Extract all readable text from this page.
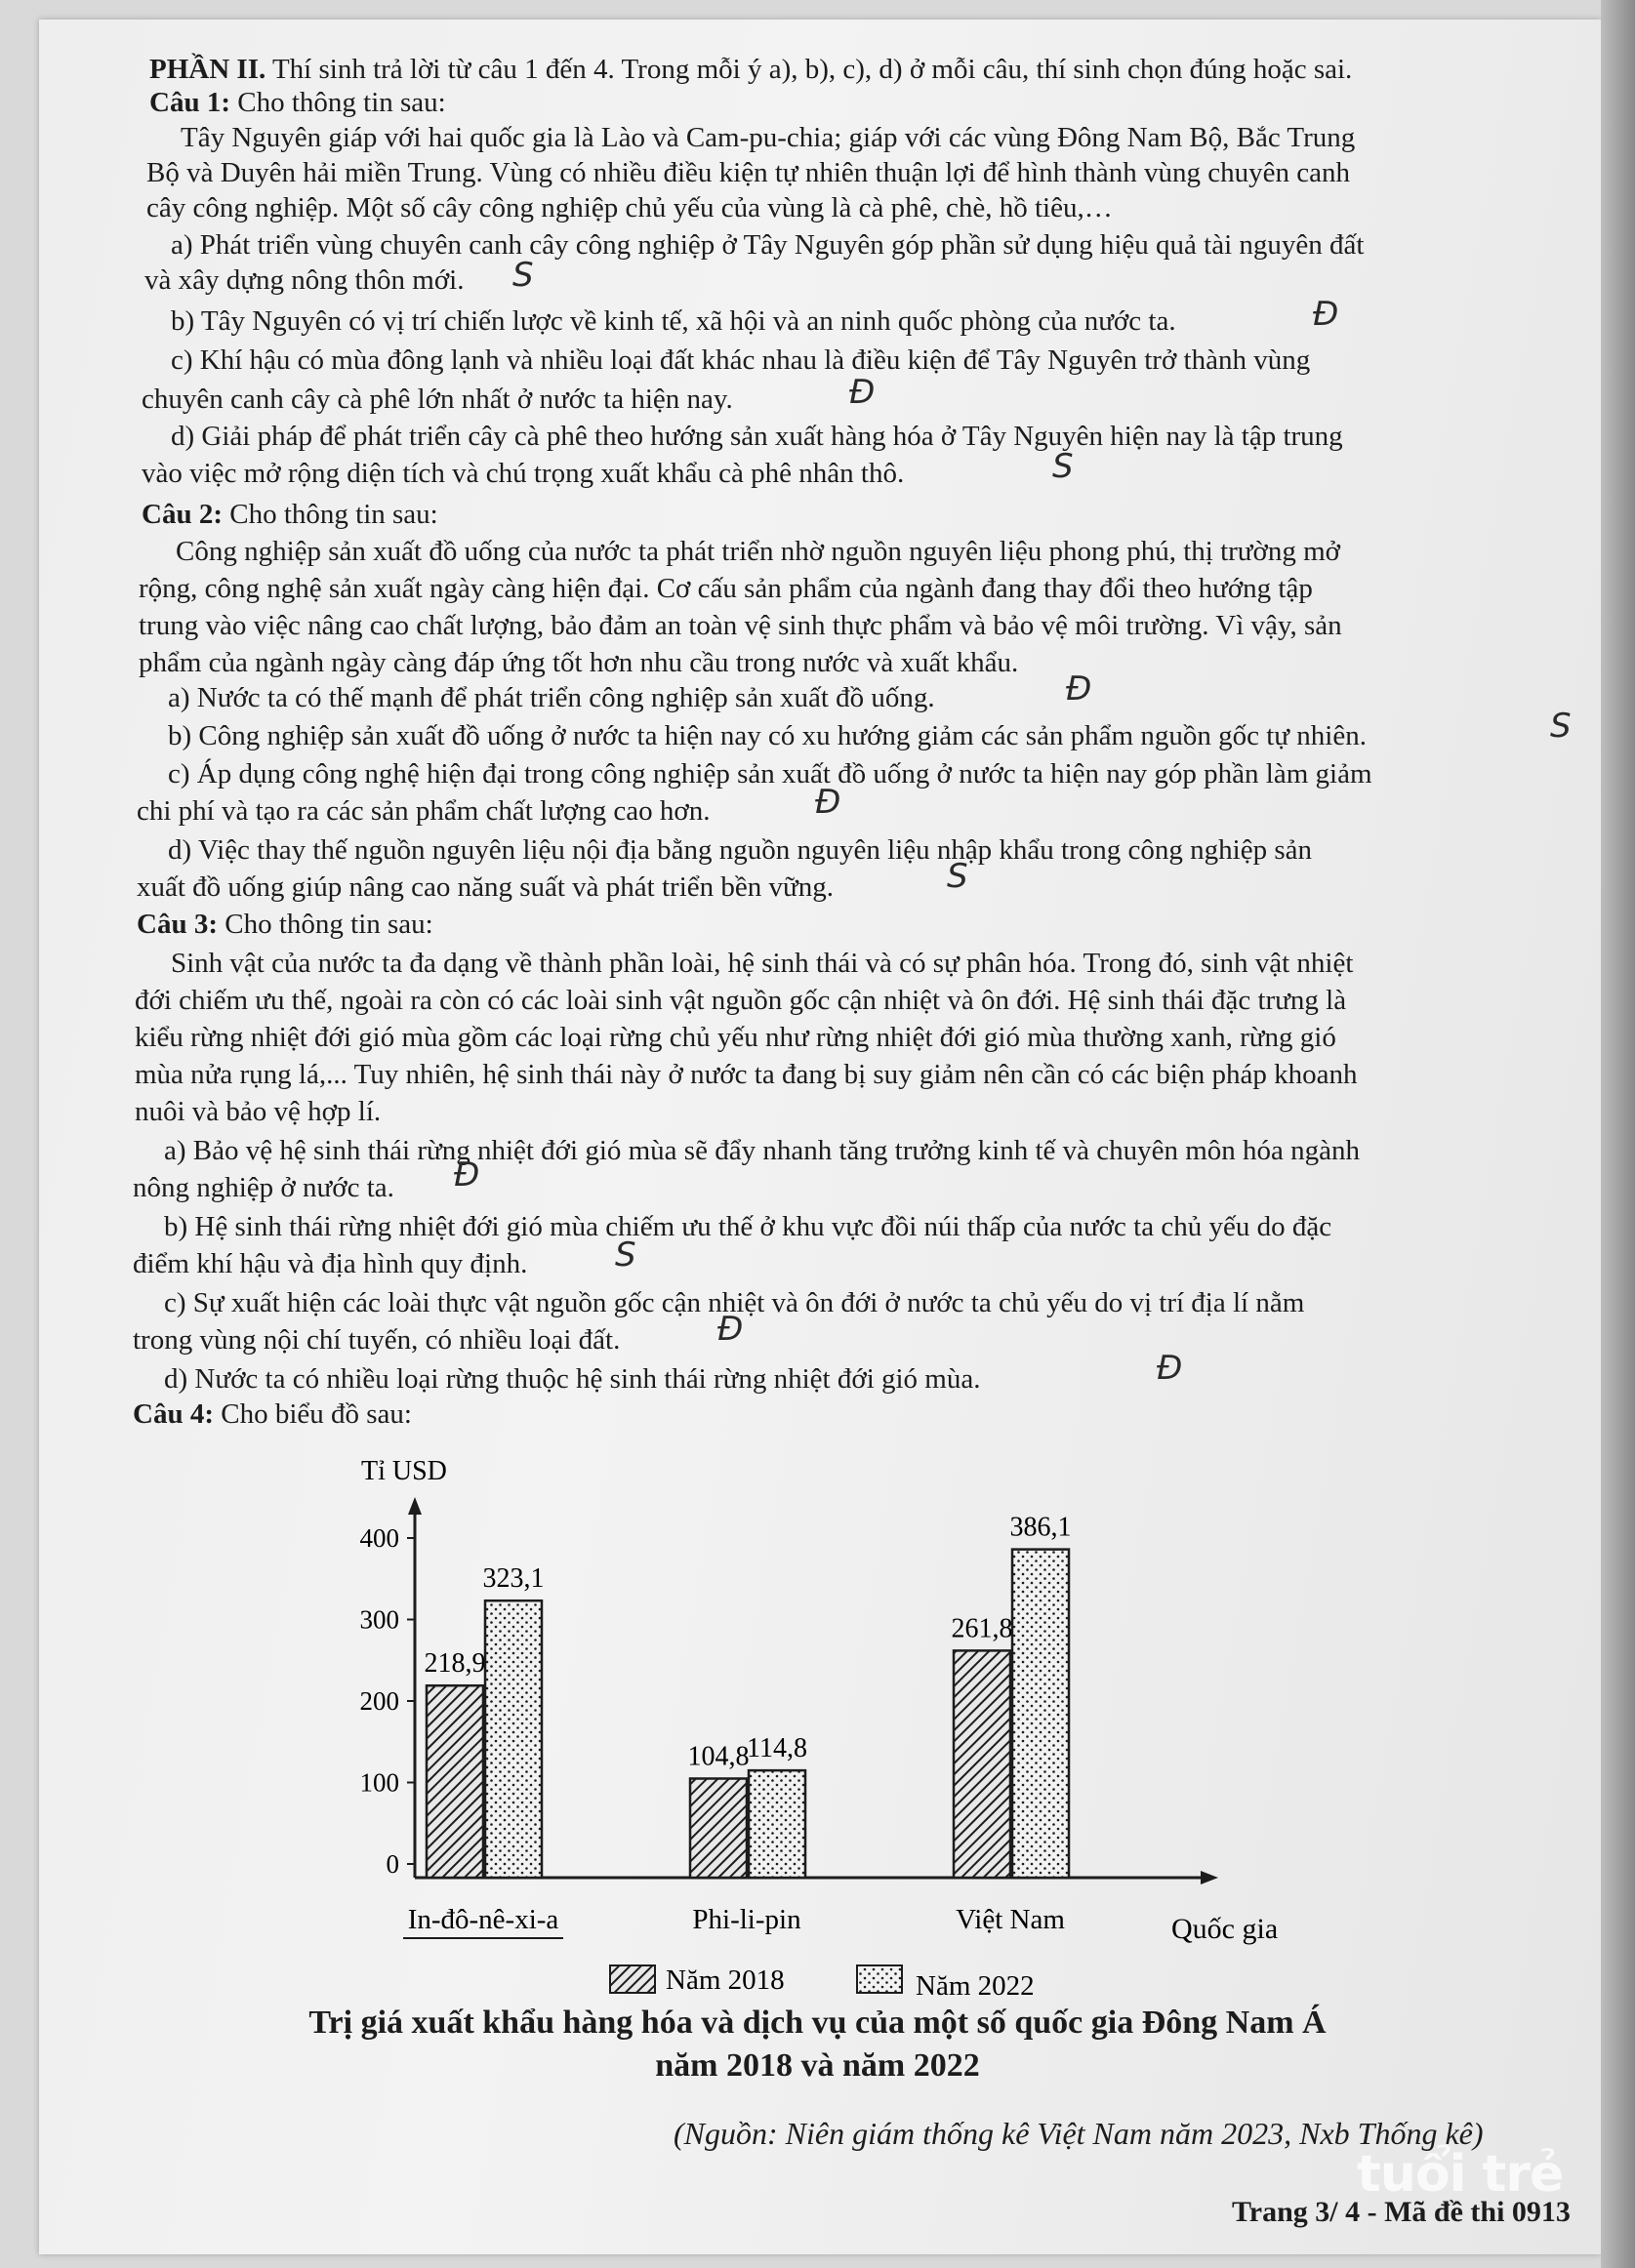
PHẦN II. Thí sinh trả lời từ câu 1 đến 4. Trong mỗi ý a), b), c), d) ở mỗi câu, thí sinh chọn đúng hoặc sai.
Câu 1: Cho thông tin sau:
Tây Nguyên giáp với hai quốc gia là Lào và Cam-pu-chia; giáp với các vùng Đông Nam Bộ, Bắc Trung
Bộ và Duyên hải miền Trung. Vùng có nhiều điều kiện tự nhiên thuận lợi để hình thành vùng chuyên canh
cây công nghiệp. Một số cây công nghiệp chủ yếu của vùng là cà phê, chè, hồ tiêu,…
a) Phát triển vùng chuyên canh cây công nghiệp ở Tây Nguyên góp phần sử dụng hiệu quả tài nguyên đất
và xây dựng nông thôn mới. S
b) Tây Nguyên có vị trí chiến lược về kinh tế, xã hội và an ninh quốc phòng của nước ta.	Đ
c) Khí hậu có mùa đông lạnh và nhiều loại đất khác nhau là điều kiện để Tây Nguyên trở thành vùng
chuyên canh cây cà phê lớn nhất ở nước ta hiện nay.	Đ
d) Giải pháp để phát triển cây cà phê theo hướng sản xuất hàng hóa ở Tây Nguyên hiện nay là tập trung
vào việc mở rộng diện tích và chú trọng xuất khẩu cà phê nhân thô.	S
Câu 2: Cho thông tin sau:
Công nghiệp sản xuất đồ uống của nước ta phát triển nhờ nguồn nguyên liệu phong phú, thị trường mở
rộng, công nghệ sản xuất ngày càng hiện đại. Cơ cấu sản phẩm của ngành đang thay đổi theo hướng tập
trung vào việc nâng cao chất lượng, bảo đảm an toàn vệ sinh thực phẩm và bảo vệ môi trường. Vì vậy, sản
phẩm của ngành ngày càng đáp ứng tốt hơn nhu cầu trong nước và xuất khẩu.
a) Nước ta có thế mạnh để phát triển công nghiệp sản xuất đồ uống.	Đ
b) Công nghiệp sản xuất đồ uống ở nước ta hiện nay có xu hướng giảm các sản phẩm nguồn gốc tự nhiên.	S
c) Áp dụng công nghệ hiện đại trong công nghiệp sản xuất đồ uống ở nước ta hiện nay góp phần làm giảm
chi phí và tạo ra các sản phẩm chất lượng cao hơn.	Đ
d) Việc thay thế nguồn nguyên liệu nội địa bằng nguồn nguyên liệu nhập khẩu trong công nghiệp sản
xuất đồ uống giúp nâng cao năng suất và phát triển bền vững.	S
Câu 3: Cho thông tin sau:
Sinh vật của nước ta đa dạng về thành phần loài, hệ sinh thái và có sự phân hóa. Trong đó, sinh vật nhiệt
đới chiếm ưu thế, ngoài ra còn có các loài sinh vật nguồn gốc cận nhiệt và ôn đới. Hệ sinh thái đặc trưng là
kiểu rừng nhiệt đới gió mùa gồm các loại rừng chủ yếu như rừng nhiệt đới gió mùa thường xanh, rừng gió
mùa nửa rụng lá,... Tuy nhiên, hệ sinh thái này ở nước ta đang bị suy giảm nên cần có các biện pháp khoanh
nuôi và bảo vệ hợp lí.
a) Bảo vệ hệ sinh thái rừng nhiệt đới gió mùa sẽ đẩy nhanh tăng trưởng kinh tế và chuyên môn hóa ngành
nông nghiệp ở nước ta. Đ
b) Hệ sinh thái rừng nhiệt đới gió mùa chiếm ưu thế ở khu vực đồi núi thấp của nước ta chủ yếu do đặc
điểm khí hậu và địa hình quy định.	S
c) Sự xuất hiện các loài thực vật nguồn gốc cận nhiệt và ôn đới ở nước ta chủ yếu do vị trí địa lí nằm
trong vùng nội chí tuyến, có nhiều loại đất.	Đ
d) Nước ta có nhiều loại rừng thuộc hệ sinh thái rừng nhiệt đới gió mùa.	Đ
Câu 4: Cho biểu đồ sau:
Tỉ USD
Quốc gia
0
100
200
300
400
218,9
323,1
In-đô-nê-xi-a
104,8
114,8
Phi-li-pin
261,8
386,1
Việt Nam
Năm 2018	Năm 2022
Trị giá xuất khẩu hàng hóa và dịch vụ của một số quốc gia Đông Nam Á
năm 2018 và năm 2022
(Nguồn: Niên giám thống kê Việt Nam năm 2023, Nxb Thống kê)
tuổi trẻ
Trang 3/ 4 - Mã đề thi 0913
